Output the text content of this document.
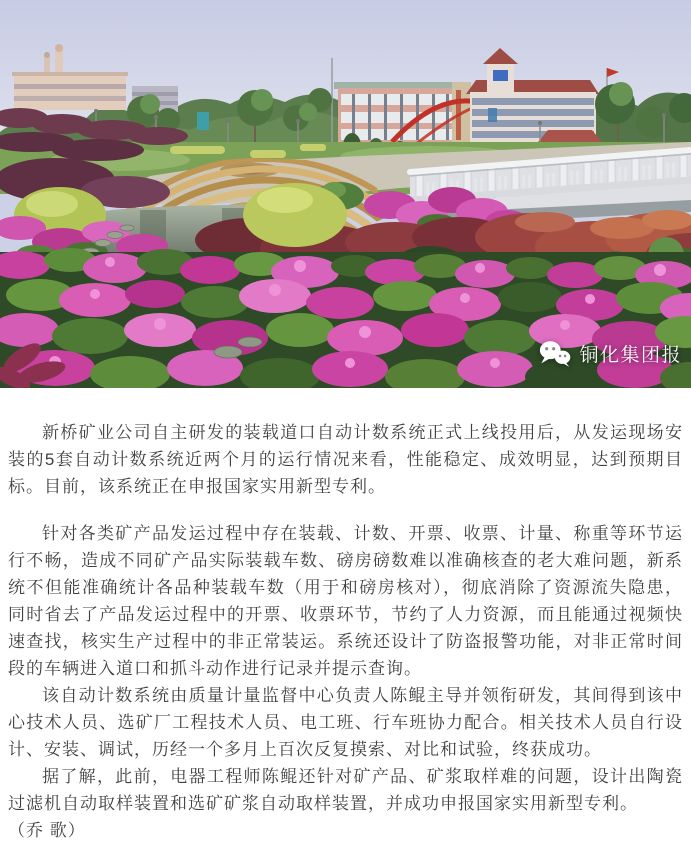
铜化集团报

新桥矿业公司自主研发的装载道口自动计数系统正式上线投用后，从发运现场安装的5套自动计数系统近两个月的运行情况来看，性能稳定、成效明显，达到预期目标。目前，该系统正在申报国家实用新型专利。

针对各类矿产品发运过程中存在装载、计数、开票、收票、计量、称重等环节运行不畅，造成不同矿产品实际装载车数、磅房磅数难以准确核查的老大难问题，新系统不但能准确统计各品种装载车数（用于和磅房核对），彻底消除了资源流失隐患，同时省去了产品发运过程中的开票、收票环节，节约了人力资源，而且能通过视频快速查找，核实生产过程中的非正常装运。系统还设计了防盗报警功能，对非正常时间段的车辆进入道口和抓斗动作进行记录并提示查询。

该自动计数系统由质量计量监督中心负责人陈鲲主导并领衔研发，其间得到该中心技术人员、选矿厂工程技术人员、电工班、行车班协力配合。相关技术人员自行设计、安装、调试，历经一个多月上百次反复摸索、对比和试验，终获成功。

据了解，此前，电器工程师陈鲲还针对矿产品、矿浆取样难的问题，设计出陶瓷过滤机自动取样装置和选矿矿浆自动取样装置，并成功申报国家实用新型专利。

（乔 歌）
